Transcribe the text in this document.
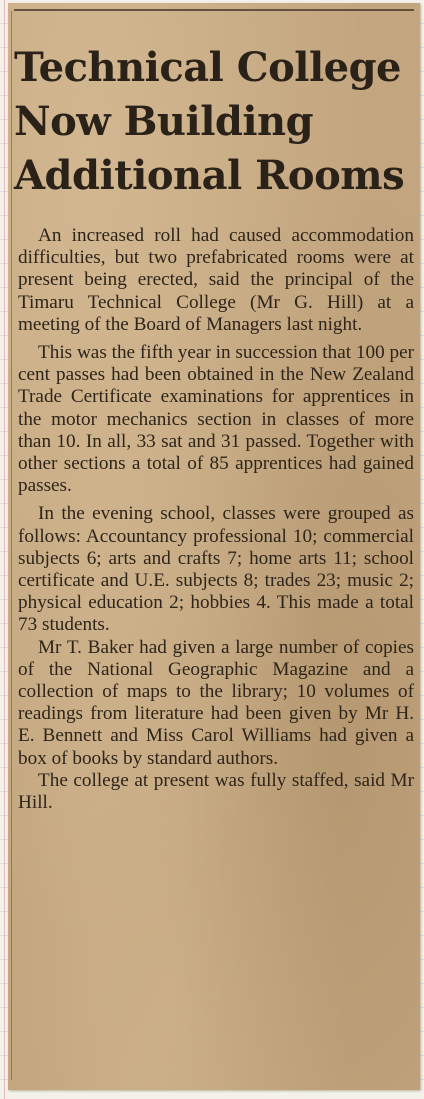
Technical College
Now Building
Additional Rooms

An increased roll had caused accommodation difficulties, but two prefabricated rooms were at present being erected, said the principal of the Timaru Technical College (Mr G. Hill) at a meeting of the Board of Managers last night.

This was the fifth year in succession that 100 per cent passes had been obtained in the New Zealand Trade Certificate examinations for apprentices in the motor mechanics section in classes of more than 10. In all, 33 sat and 31 passed. Together with other sections a total of 85 apprentices had gained passes.

In the evening school, classes were grouped as follows: Accountancy professional 10; commercial subjects 6; arts and crafts 7; home arts 11; school certificate and U.E. subjects 8; trades 23; music 2; physical education 2; hobbies 4. This made a total 73 students.

Mr T. Baker had given a large number of copies of the National Geographic Magazine and a collection of maps to the library; 10 volumes of readings from literature had been given by Mr H. E. Bennett and Miss Carol Williams had given a box of books by standard authors.

The college at present was fully staffed, said Mr Hill.
